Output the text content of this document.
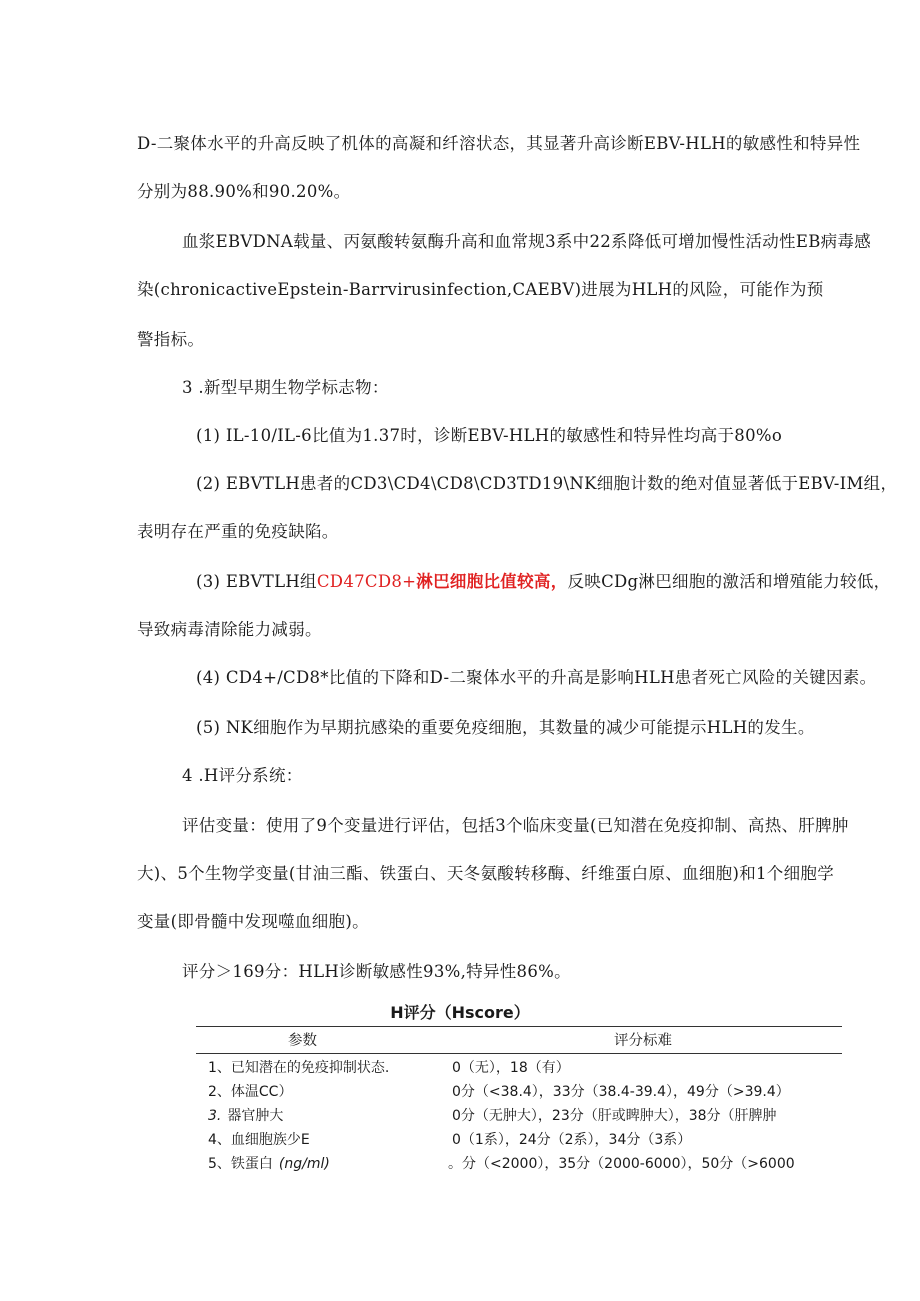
D-二聚体水平的升高反映了机体的高凝和纤溶状态，其显著升高诊断EBV-HLH的敏感性和特异性
分别为88.90%和90.20%。
血浆EBVDNA载量、丙氨酸转氨酶升高和血常规3系中22系降低可增加慢性活动性EB病毒感
染(chronicactiveEpstein-Barrvirusinfection,CAEBV)进展为HLH的风险，可能作为预
警指标。
3 .新型早期生物学标志物：
(1) IL-10/IL-6比值为1.37时，诊断EBV-HLH的敏感性和特异性均高于80%o
(2) EBVTLH患者的CD3\CD4\CD8\CD3TD19\NK细胞计数的绝对值显著低于EBV-IM组，
表明存在严重的免疫缺陷。
(3) EBVTLH组CD47CD8+淋巴细胞比值较高，反映CDg淋巴细胞的激活和增殖能力较低，
导致病毒清除能力减弱。
(4) CD4+/CD8*比值的下降和D-二聚体水平的升高是影响HLH患者死亡风险的关键因素。
(5) NK细胞作为早期抗感染的重要免疫细胞，其数量的减少可能提示HLH的发生。
4 .H评分系统：
评估变量：使用了9个变量进行评估，包括3个临床变量(已知潜在免疫抑制、高热、肝脾肿
大)、5个生物学变量(甘油三酯、铁蛋白、天冬氨酸转移酶、纤维蛋白原、血细胞)和1个细胞学
变量(即骨髓中发现噬血细胞)。
评分＞169分：HLH诊断敏感性93%,特异性86%。
H评分（Hscore）
参数	评分标难
1、已知潜在的免疫抑制状态.	0（无），18（有）
2、体温CC）	0分（<38.4），33分（38.4-39.4），49分（>39.4）
3. 器官肿大	0分（无肿大），23分（肝或睥肿大），38分（肝脾肿
4、血细胞族少E	0（1系），24分（2系），34分（3系）
5、铁蛋白 (ng/ml)	。分（<2000），35分（2000-6000），50分（>6000
